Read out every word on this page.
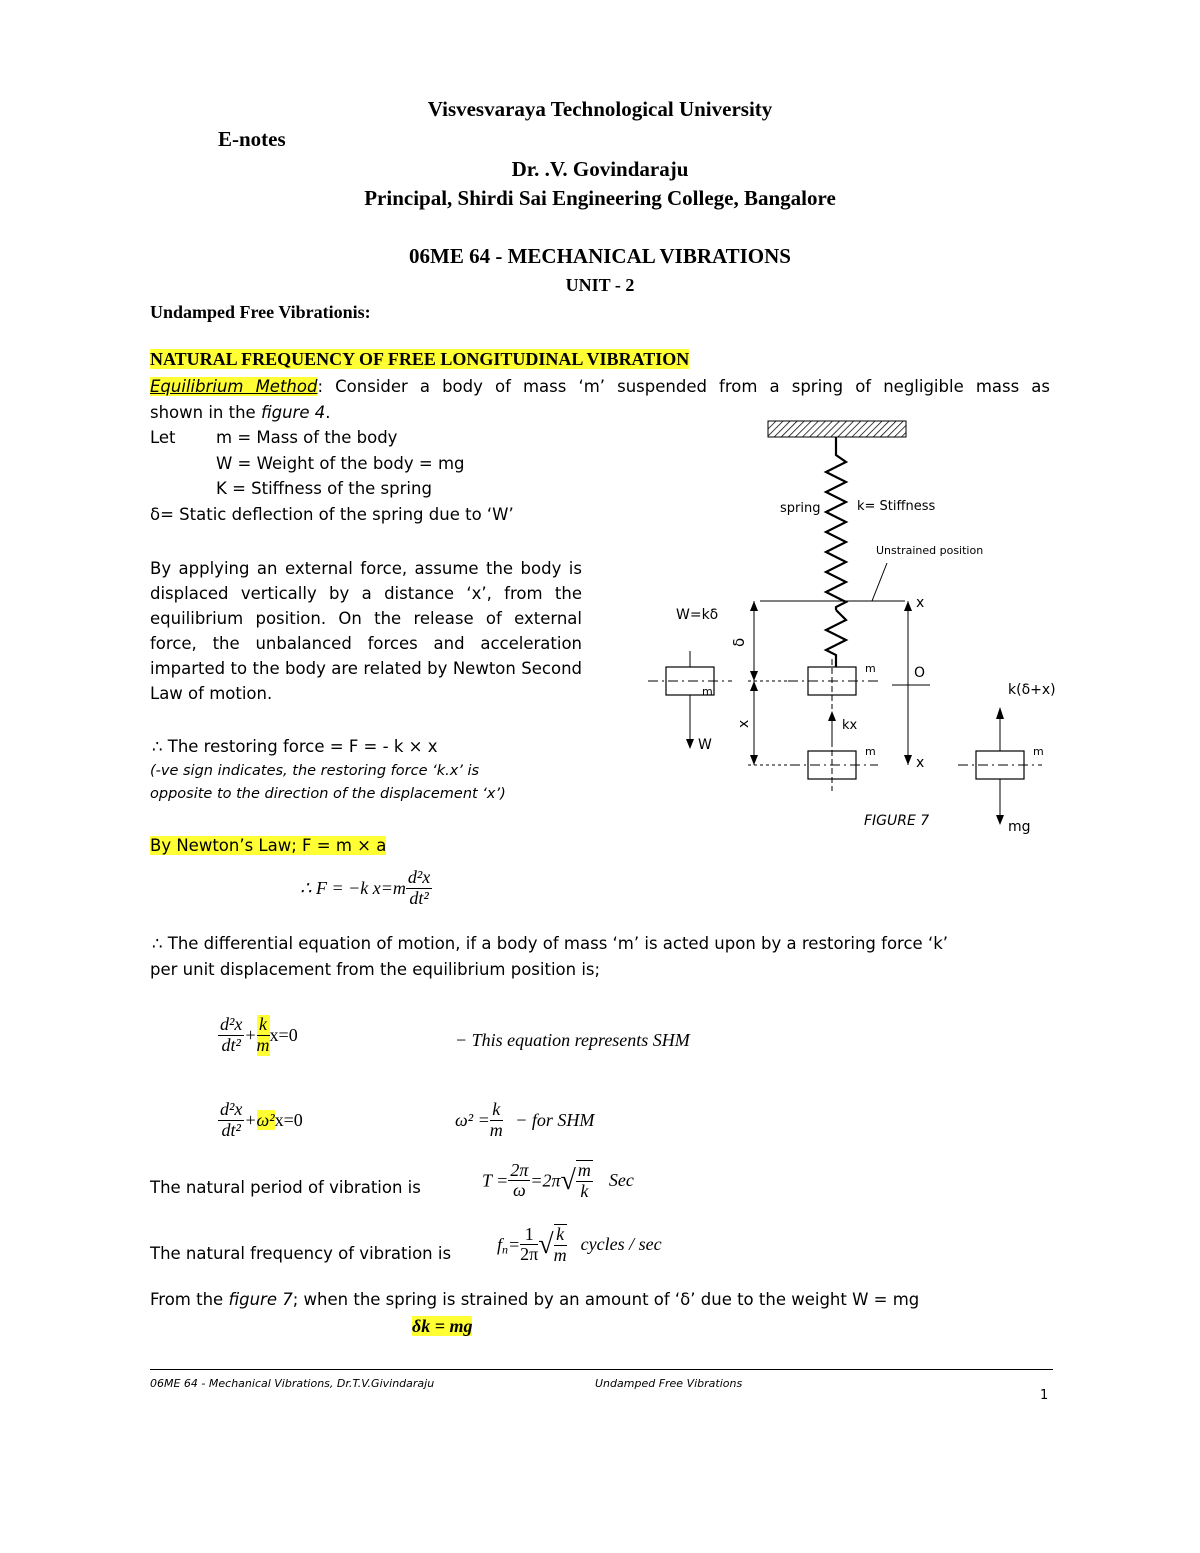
Visvesvaraya Technological University
E-notes
Dr. .V. Govindaraju
Principal, Shirdi Sai Engineering College, Bangalore
06ME 64 - MECHANICAL VIBRATIONS
UNIT - 2
Undamped Free Vibrationis:
NATURAL FREQUENCY OF FREE LONGITUDINAL VIBRATION
Equilibrium Method: Consider a body of mass ‘m’ suspended from a spring of negligible mass as
shown in the figure 4.
Let m = Mass of the body
W = Weight of the body = mg
K = Stiffness of the spring
δ= Static deflection of the spring due to ‘W’
By applying an external force, assume the body is displaced vertically by a distance ‘x’, from the equilibrium position. On the release of external force, the unbalanced forces and acceleration imparted to the body are related by Newton Second Law of motion.
∴ The restoring force = F = - k × x
(-ve sign indicates, the restoring force ‘k.x’ is
opposite to the direction of the displacement ‘x’)
By Newton’s Law; F = m × a
∴ F = −k $x=m \frac{\text{d²x}}{\text{dt²}}$
∴ The differential equation of motion, if a body of mass ‘m’ is acted upon by a restoring force ‘k’
per unit displacement from the equilibrium position is;
$\frac{\text{d²x}}{\text{dt²}} + \frac{k}{m} x=0$	− This equation represents SHM
$\frac{\text{d²x}}{\text{dt²}} +\omega^2x=0$	$\omega^2 = \frac{k}{m}$ − for SHM
The natural period of vibration is	$T = \frac{2\pi}{\omega} =2\pi√ \frac{m}{k}$ Sec
The natural frequency of vibration is	$f_n= \frac{1}{2\pi}$ √ $\frac{k}{m}$ cycles / sec
From the figure 7; when the spring is strained by an amount of ‘δ’ due to the weight W = mg
δk = mg
spring	k= Stiffness
Unstrained position
W=kδ
δ
x
x
O
x
m
m
m	m
W
kx
k(δ+x)
mg
FIGURE 7
06ME 64 - Mechanical Vibrations, Dr.T.V.Givindaraju	Undamped Free Vibrations
1
